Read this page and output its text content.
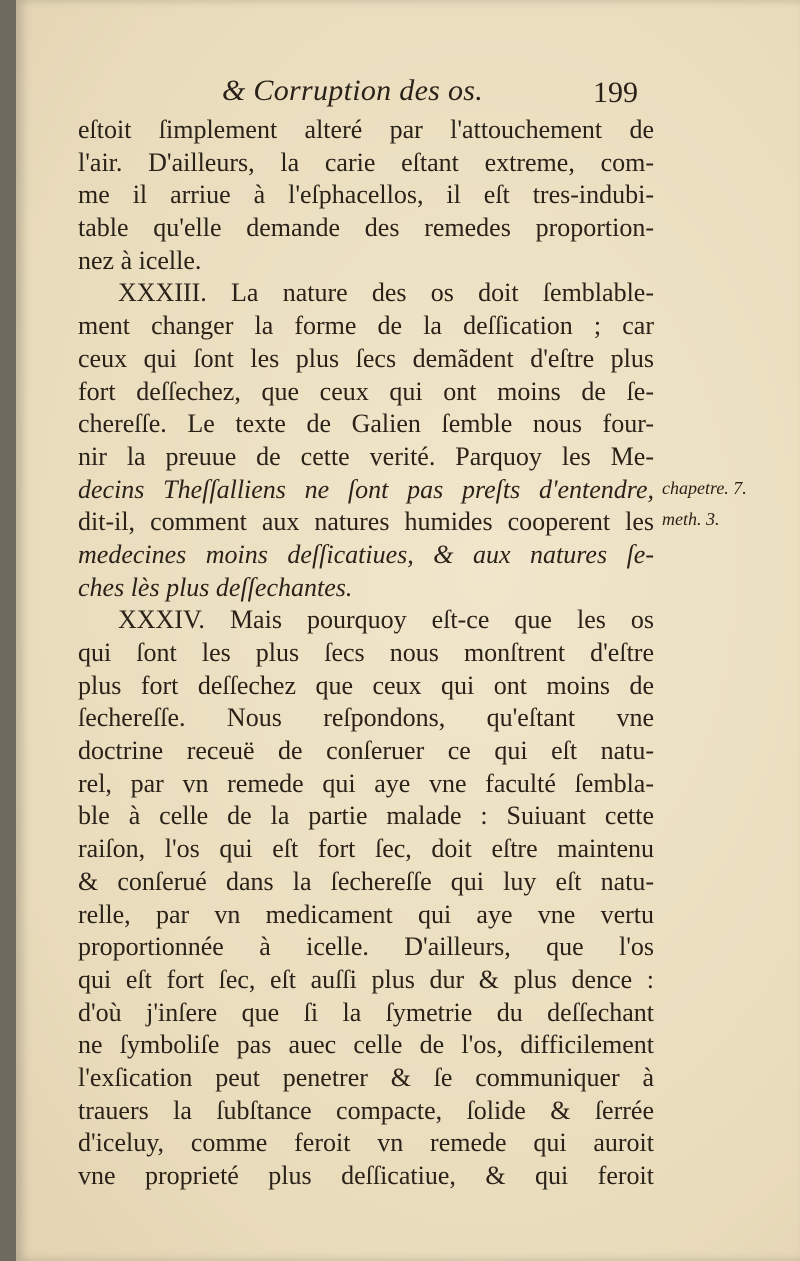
& Corruption des os.	199
eſtoit ſimplement alteré par l'attouchement de
l'air. D'ailleurs, la carie eſtant extreme, com-
me il arriue à l'eſphacellos, il eſt tres-indubi-
table qu'elle demande des remedes proportion-
nez à icelle.
XXXIII. La nature des os doit ſemblable-
ment changer la forme de la deſſication ; car
ceux qui ſont les plus ſecs demãdent d'eſtre plus
fort deſſechez, que ceux qui ont moins de ſe-
chereſſe. Le texte de Galien ſemble nous four-
nir la preuue de cette verité. Parquoy les Me-
decins Theſſalliens ne ſont pas preſts d'entendre,
dit-il, comment aux natures humides cooperent les
medecines moins deſſicatiues, & aux natures ſe-
ches lès plus deſſechantes.
XXXIV. Mais pourquoy eſt-ce que les os
qui ſont les plus ſecs nous monſtrent d'eſtre
plus fort deſſechez que ceux qui ont moins de
ſechereſſe. Nous reſpondons, qu'eſtant vne
doctrine receuë de conſeruer ce qui eſt natu-
rel, par vn remede qui aye vne faculté ſembla-
ble à celle de la partie malade : Suiuant cette
raiſon, l'os qui eſt fort ſec, doit eſtre maintenu
& conſerué dans la ſechereſſe qui luy eſt natu-
relle, par vn medicament qui aye vne vertu
proportionnée à icelle. D'ailleurs, que l'os
qui eſt fort ſec, eſt auſſi plus dur & plus dence :
d'où j'inſere que ſi la ſymetrie du deſſechant
ne ſymboliſe pas auec celle de l'os, difficilement
l'exſication peut penetrer & ſe communiquer à
trauers la ſubſtance compacte, ſolide & ſerrée
d'iceluy, comme feroit vn remede qui auroit
vne proprieté plus deſſicatiue, & qui feroit
chapetre. 7.
meth. 3.
